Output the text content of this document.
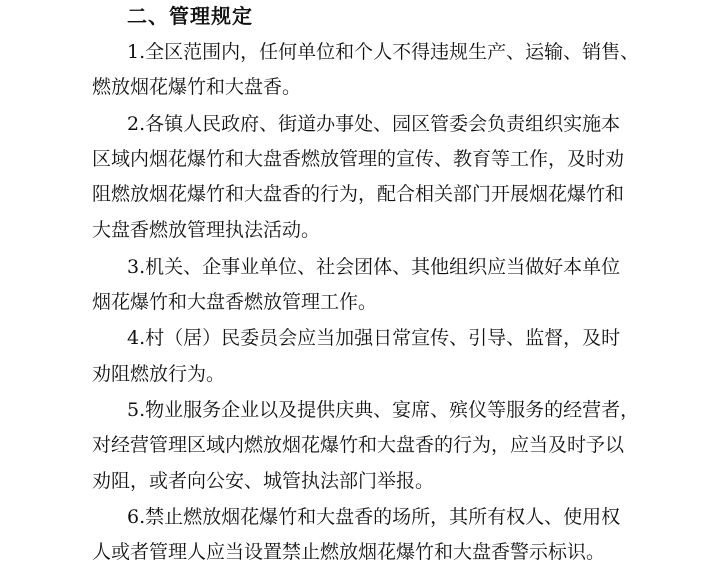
二、管理规定
1.全区范围内，任何单位和个人不得违规生产、运输、销售、
燃放烟花爆竹和大盘香。
2.各镇人民政府、街道办事处、园区管委会负责组织实施本
区域内烟花爆竹和大盘香燃放管理的宣传、教育等工作，及时劝
阻燃放烟花爆竹和大盘香的行为，配合相关部门开展烟花爆竹和
大盘香燃放管理执法活动。
3.机关、企事业单位、社会团体、其他组织应当做好本单位
烟花爆竹和大盘香燃放管理工作。
4.村（居）民委员会应当加强日常宣传、引导、监督，及时
劝阻燃放行为。
5.物业服务企业以及提供庆典、宴席、殡仪等服务的经营者，
对经营管理区域内燃放烟花爆竹和大盘香的行为，应当及时予以
劝阻，或者向公安、城管执法部门举报。
6.禁止燃放烟花爆竹和大盘香的场所，其所有权人、使用权
人或者管理人应当设置禁止燃放烟花爆竹和大盘香警示标识。
